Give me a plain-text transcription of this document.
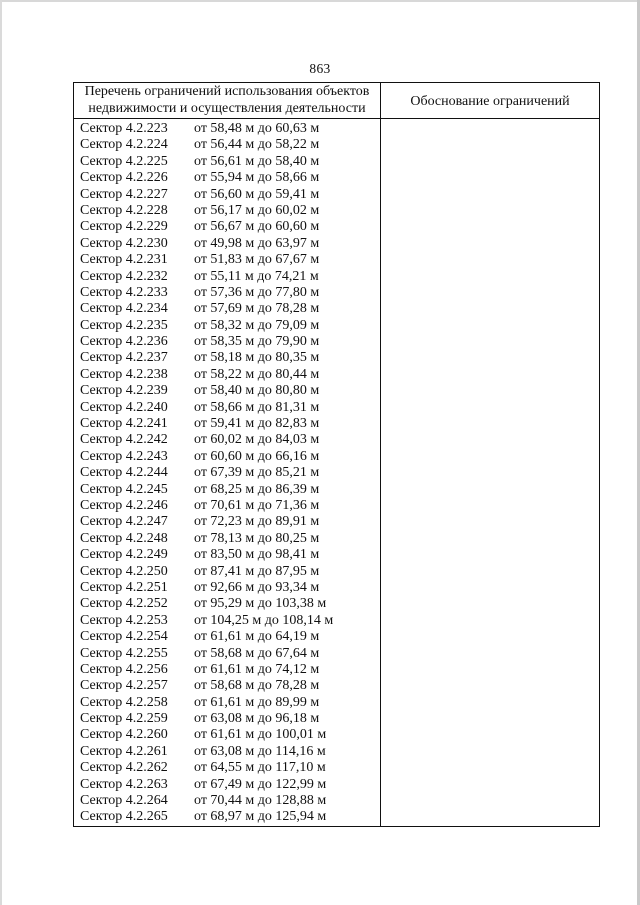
863
Перечень ограничений использования объектов
недвижимости и осуществления деятельности	Обоснование ограничений
Сектор 4.2.223	от 58,48 м до 60,63 м
Сектор 4.2.224	от 56,44 м до 58,22 м
Сектор 4.2.225	от 56,61 м до 58,40 м
Сектор 4.2.226	от 55,94 м до 58,66 м
Сектор 4.2.227	от 56,60 м до 59,41 м
Сектор 4.2.228	от 56,17 м до 60,02 м
Сектор 4.2.229	от 56,67 м до 60,60 м
Сектор 4.2.230	от 49,98 м до 63,97 м
Сектор 4.2.231	от 51,83 м до 67,67 м
Сектор 4.2.232	от 55,11 м до 74,21 м
Сектор 4.2.233	от 57,36 м до 77,80 м
Сектор 4.2.234	от 57,69 м до 78,28 м
Сектор 4.2.235	от 58,32 м до 79,09 м
Сектор 4.2.236	от 58,35 м до 79,90 м
Сектор 4.2.237	от 58,18 м до 80,35 м
Сектор 4.2.238	от 58,22 м до 80,44 м
Сектор 4.2.239	от 58,40 м до 80,80 м
Сектор 4.2.240	от 58,66 м до 81,31 м
Сектор 4.2.241	от 59,41 м до 82,83 м
Сектор 4.2.242	от 60,02 м до 84,03 м
Сектор 4.2.243	от 60,60 м до 66,16 м
Сектор 4.2.244	от 67,39 м до 85,21 м
Сектор 4.2.245	от 68,25 м до 86,39 м
Сектор 4.2.246	от 70,61 м до 71,36 м
Сектор 4.2.247	от 72,23 м до 89,91 м
Сектор 4.2.248	от 78,13 м до 80,25 м
Сектор 4.2.249	от 83,50 м до 98,41 м
Сектор 4.2.250	от 87,41 м до 87,95 м
Сектор 4.2.251	от 92,66 м до 93,34 м
Сектор 4.2.252	от 95,29 м до 103,38 м
Сектор 4.2.253	от 104,25 м до 108,14 м
Сектор 4.2.254	от 61,61 м до 64,19 м
Сектор 4.2.255	от 58,68 м до 67,64 м
Сектор 4.2.256	от 61,61 м до 74,12 м
Сектор 4.2.257	от 58,68 м до 78,28 м
Сектор 4.2.258	от 61,61 м до 89,99 м
Сектор 4.2.259	от 63,08 м до 96,18 м
Сектор 4.2.260	от 61,61 м до 100,01 м
Сектор 4.2.261	от 63,08 м до 114,16 м
Сектор 4.2.262	от 64,55 м до 117,10 м
Сектор 4.2.263	от 67,49 м до 122,99 м
Сектор 4.2.264	от 70,44 м до 128,88 м
Сектор 4.2.265	от 68,97 м до 125,94 м
